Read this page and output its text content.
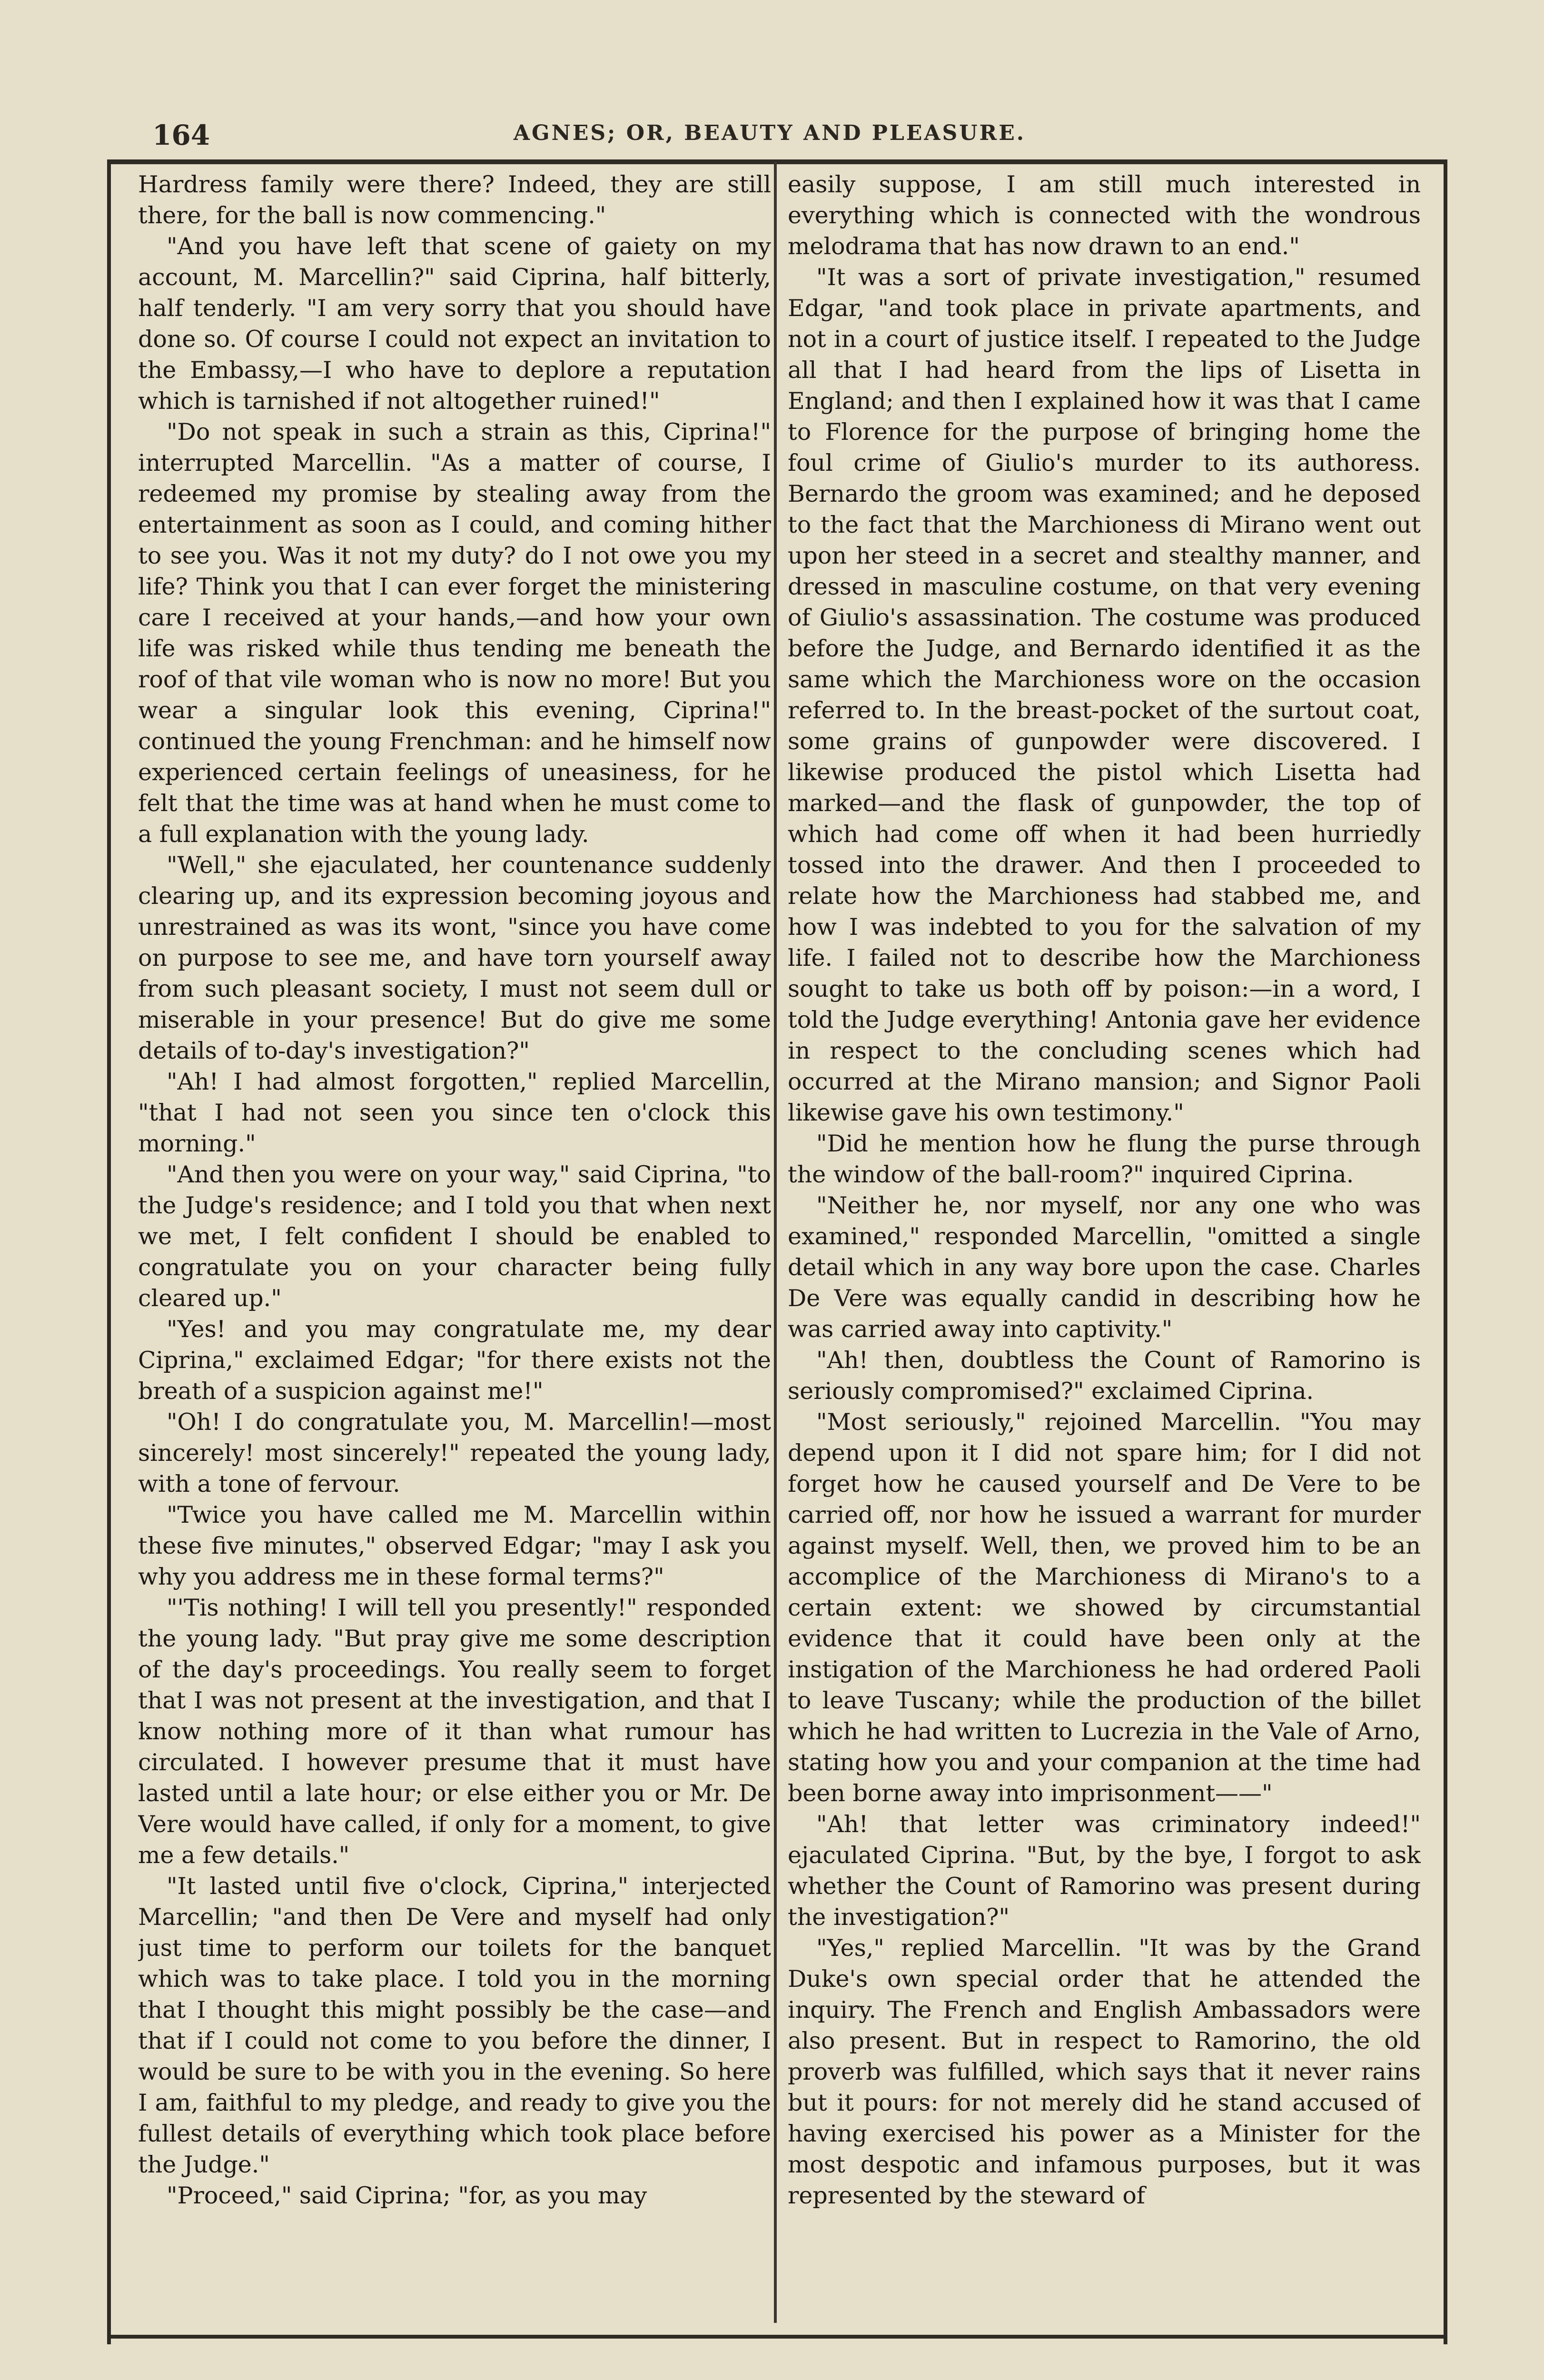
164	AGNES; OR, BEAUTY AND PLEASURE.

Hardress family were there? Indeed, they are still there, for the ball is now commencing."

"And you have left that scene of gaiety on my account, M. Marcellin?" said Ciprina, half bitterly, half tenderly. "I am very sorry that you should have done so. Of course I could not expect an invitation to the Embassy,—I who have to deplore a reputation which is tarnished if not altogether ruined!"

"Do not speak in such a strain as this, Ciprina!" interrupted Marcellin. "As a matter of course, I redeemed my promise by stealing away from the entertainment as soon as I could, and coming hither to see you. Was it not my duty? do I not owe you my life? Think you that I can ever forget the ministering care I received at your hands,—and how your own life was risked while thus tending me beneath the roof of that vile woman who is now no more! But you wear a singular look this evening, Ciprina!" continued the young Frenchman: and he himself now experienced certain feelings of uneasiness, for he felt that the time was at hand when he must come to a full explanation with the young lady.

"Well," she ejaculated, her countenance suddenly clearing up, and its expression becoming joyous and unrestrained as was its wont, "since you have come on purpose to see me, and have torn yourself away from such pleasant society, I must not seem dull or miserable in your presence! But do give me some details of to-day's investigation?"

"Ah! I had almost forgotten," replied Marcellin, "that I had not seen you since ten o'clock this morning."

"And then you were on your way," said Ciprina, "to the Judge's residence; and I told you that when next we met, I felt confident I should be enabled to congratulate you on your character being fully cleared up."

"Yes! and you may congratulate me, my dear Ciprina," exclaimed Edgar; "for there exists not the breath of a suspicion against me!"

"Oh! I do congratulate you, M. Marcellin!—most sincerely! most sincerely!" repeated the young lady, with a tone of fervour.

"Twice you have called me M. Marcellin within these five minutes," observed Edgar; "may I ask you why you address me in these formal terms?"

"'Tis nothing! I will tell you presently!" responded the young lady. "But pray give me some description of the day's proceedings. You really seem to forget that I was not present at the investigation, and that I know nothing more of it than what rumour has circulated. I however presume that it must have lasted until a late hour; or else either you or Mr. De Vere would have called, if only for a moment, to give me a few details."

"It lasted until five o'clock, Ciprina," interjected Marcellin; "and then De Vere and myself had only just time to perform our toilets for the banquet which was to take place. I told you in the morning that I thought this might possibly be the case—and that if I could not come to you before the dinner, I would be sure to be with you in the evening. So here I am, faithful to my pledge, and ready to give you the fullest details of everything which took place before the Judge."

"Proceed," said Ciprina; "for, as you may

easily suppose, I am still much interested in everything which is connected with the wondrous melodrama that has now drawn to an end."

"It was a sort of private investigation," resumed Edgar, "and took place in private apartments, and not in a court of justice itself. I repeated to the Judge all that I had heard from the lips of Lisetta in England; and then I explained how it was that I came to Florence for the purpose of bringing home the foul crime of Giulio's murder to its authoress. Bernardo the groom was examined; and he deposed to the fact that the Marchioness di Mirano went out upon her steed in a secret and stealthy manner, and dressed in masculine costume, on that very evening of Giulio's assassination. The costume was produced before the Judge, and Bernardo identified it as the same which the Marchioness wore on the occasion referred to. In the breast-pocket of the surtout coat, some grains of gunpowder were discovered. I likewise produced the pistol which Lisetta had marked—and the flask of gunpowder, the top of which had come off when it had been hurriedly tossed into the drawer. And then I proceeded to relate how the Marchioness had stabbed me, and how I was indebted to you for the salvation of my life. I failed not to describe how the Marchioness sought to take us both off by poison:—in a word, I told the Judge everything! Antonia gave her evidence in respect to the concluding scenes which had occurred at the Mirano mansion; and Signor Paoli likewise gave his own testimony."

"Did he mention how he flung the purse through the window of the ball-room?" inquired Ciprina.

"Neither he, nor myself, nor any one who was examined," responded Marcellin, "omitted a single detail which in any way bore upon the case. Charles De Vere was equally candid in describing how he was carried away into captivity."

"Ah! then, doubtless the Count of Ramorino is seriously compromised?" exclaimed Ciprina.

"Most seriously," rejoined Marcellin. "You may depend upon it I did not spare him; for I did not forget how he caused yourself and De Vere to be carried off, nor how he issued a warrant for murder against myself. Well, then, we proved him to be an accomplice of the Marchioness di Mirano's to a certain extent: we showed by circumstantial evidence that it could have been only at the instigation of the Marchioness he had ordered Paoli to leave Tuscany; while the production of the billet which he had written to Lucrezia in the Vale of Arno, stating how you and your companion at the time had been borne away into imprisonment——"

"Ah! that letter was criminatory indeed!" ejaculated Ciprina. "But, by the bye, I forgot to ask whether the Count of Ramorino was present during the investigation?"

"Yes," replied Marcellin. "It was by the Grand Duke's own special order that he attended the inquiry. The French and English Ambassadors were also present. But in respect to Ramorino, the old proverb was fulfilled, which says that it never rains but it pours: for not merely did he stand accused of having exercised his power as a Minister for the most despotic and infamous purposes, but it was represented by the steward of
